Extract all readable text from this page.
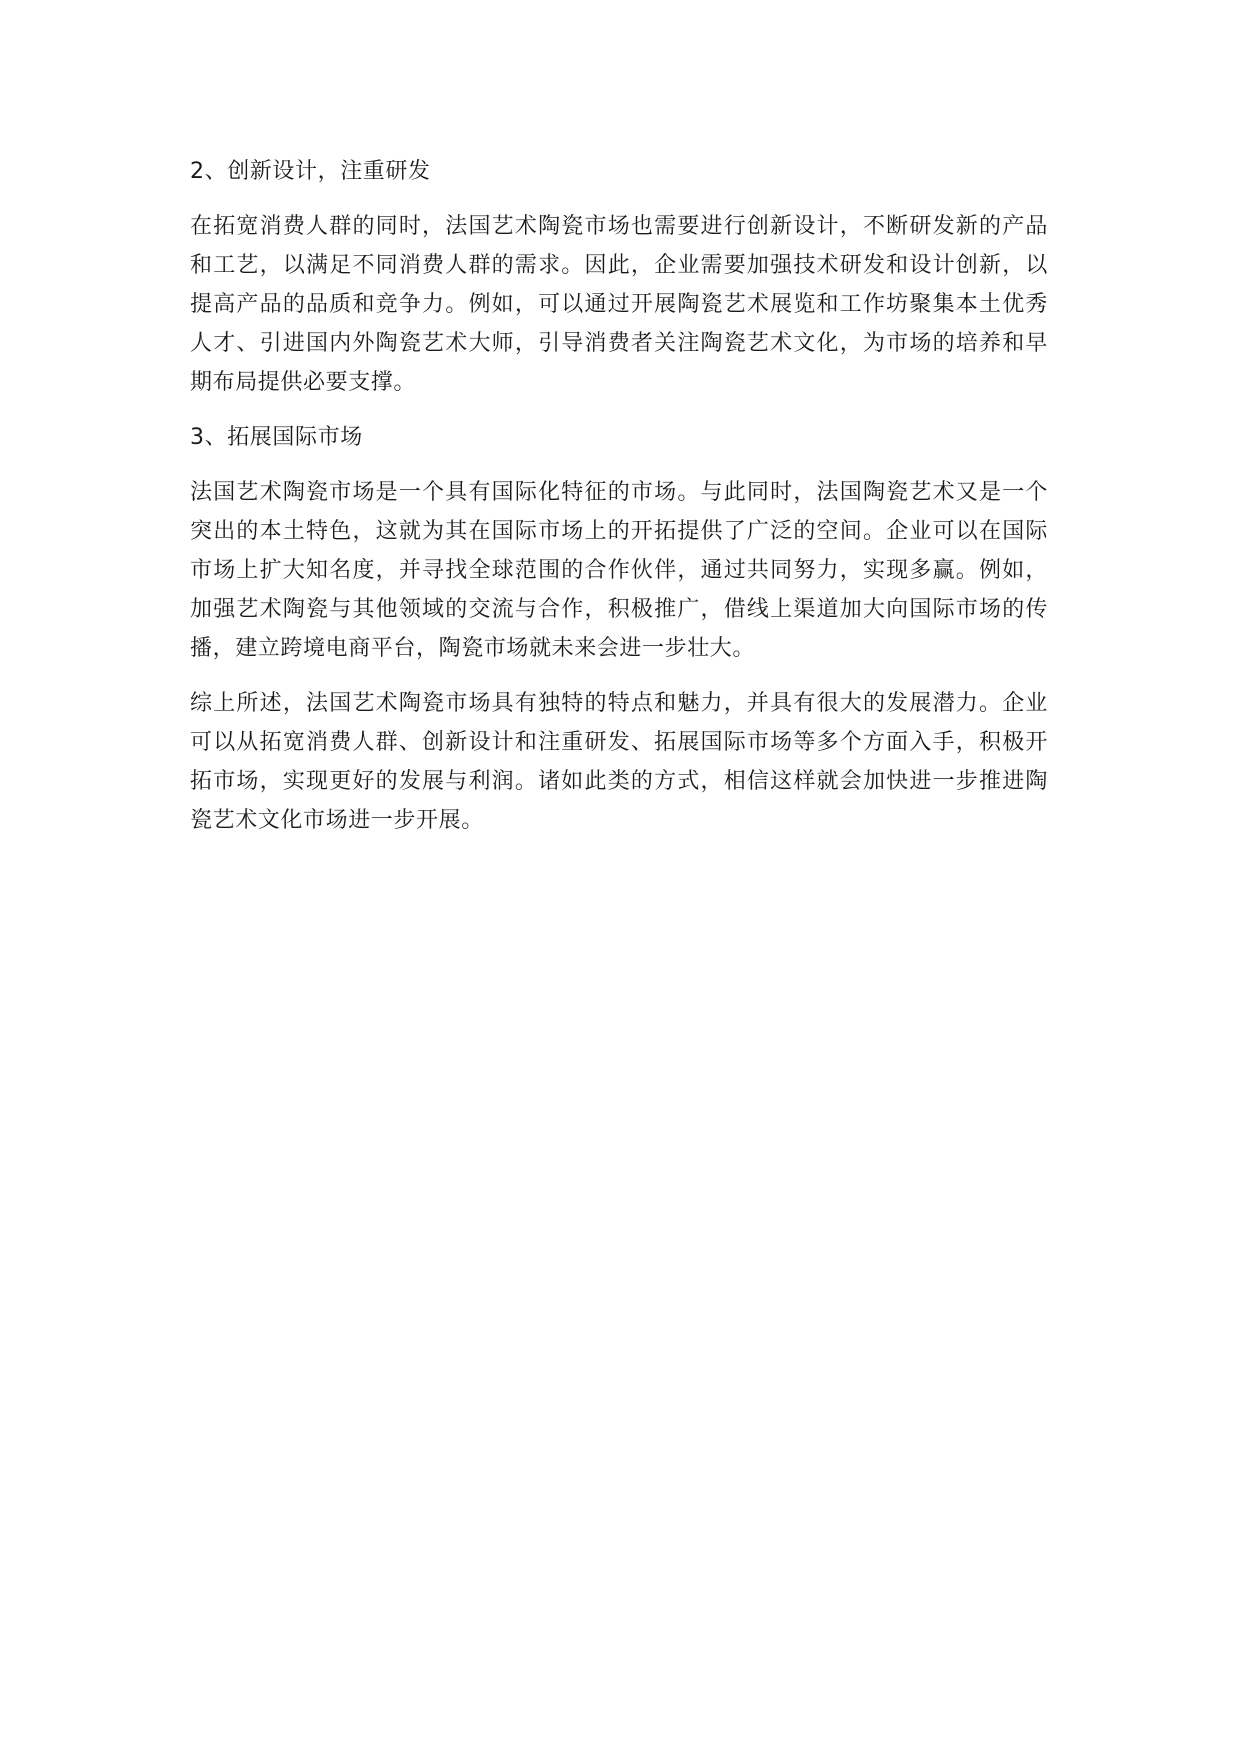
2、创新设计，注重研发

在拓宽消费人群的同时，法国艺术陶瓷市场也需要进行创新设计，不断研发新的产品和工艺，以满足不同消费人群的需求。因此，企业需要加强技术研发和设计创新，以提高产品的品质和竞争力。例如，可以通过开展陶瓷艺术展览和工作坊聚集本土优秀人才、引进国内外陶瓷艺术大师，引导消费者关注陶瓷艺术文化，为市场的培养和早期布局提供必要支撑。

3、拓展国际市场

法国艺术陶瓷市场是一个具有国际化特征的市场。与此同时，法国陶瓷艺术又是一个突出的本土特色，这就为其在国际市场上的开拓提供了广泛的空间。企业可以在国际市场上扩大知名度，并寻找全球范围的合作伙伴，通过共同努力，实现多赢。例如，加强艺术陶瓷与其他领域的交流与合作，积极推广，借线上渠道加大向国际市场的传播，建立跨境电商平台，陶瓷市场就未来会进一步壮大。

综上所述，法国艺术陶瓷市场具有独特的特点和魅力，并具有很大的发展潜力。企业可以从拓宽消费人群、创新设计和注重研发、拓展国际市场等多个方面入手，积极开拓市场，实现更好的发展与利润。诸如此类的方式，相信这样就会加快进一步推进陶瓷艺术文化市场进一步开展。
